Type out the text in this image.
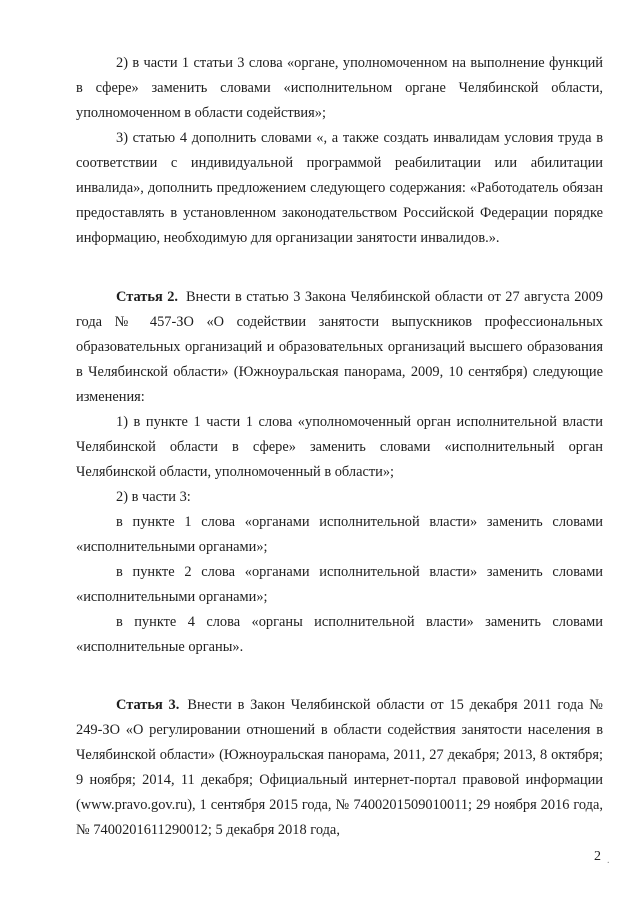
2) в части 1 статьи 3 слова «органе, уполномоченном на выполнение функций в сфере» заменить словами «исполнительном органе Челябинской области, уполномоченном в области содействия»;

3) статью 4 дополнить словами «, а также создать инвалидам условия труда в соответствии с индивидуальной программой реабилитации или абилитации инвалида», дополнить предложением следующего содержания: «Работодатель обязан предоставлять в установленном законодательством Российской Федерации порядке информацию, необходимую для организации занятости инвалидов.».

Статья 2. Внести в статью 3 Закона Челябинской области от 27 августа 2009 года № 457-ЗО «О содействии занятости выпускников профессиональных образовательных организаций и образовательных организаций высшего образования в Челябинской области» (Южноуральская панорама, 2009, 10 сентября) следующие изменения:

1) в пункте 1 части 1 слова «уполномоченный орган исполнительной власти Челябинской области в сфере» заменить словами «исполнительный орган Челябинской области, уполномоченный в области»;

2) в части 3:

в пункте 1 слова «органами исполнительной власти» заменить словами «исполнительными органами»;

в пункте 2 слова «органами исполнительной власти» заменить словами «исполнительными органами»;

в пункте 4 слова «органы исполнительной власти» заменить словами «исполнительные органы».

Статья 3. Внести в Закон Челябинской области от 15 декабря 2011 года № 249-ЗО «О регулировании отношений в области содействия занятости населения в Челябинской области» (Южноуральская панорама, 2011, 27 декабря; 2013, 8 октября; 9 ноября; 2014, 11 декабря; Официальный интернет-портал правовой информации (www.pravo.gov.ru), 1 сентября 2015 года, № 7400201509010011; 29 ноября 2016 года, № 7400201611290012; 5 декабря 2018 года,

2 .
